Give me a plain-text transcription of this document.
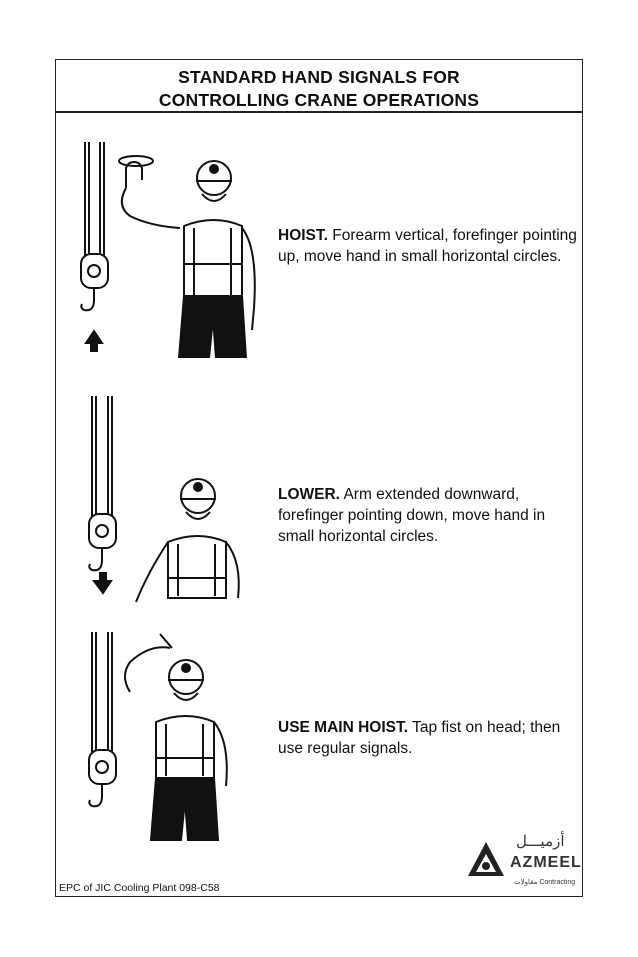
STANDARD HAND SIGNALS FOR
CONTROLLING CRANE OPERATIONS
HOIST. Forearm vertical, forefinger pointing up, move hand in small horizontal circles.
LOWER. Arm extended downward, forefinger pointing down, move hand in small horizontal circles.
USE MAIN HOIST. Tap fist on head; then use regular signals.
أزميـــل
AZMEEL
مقاولات Contracting
EPC of JIC Cooling Plant 098-C58
